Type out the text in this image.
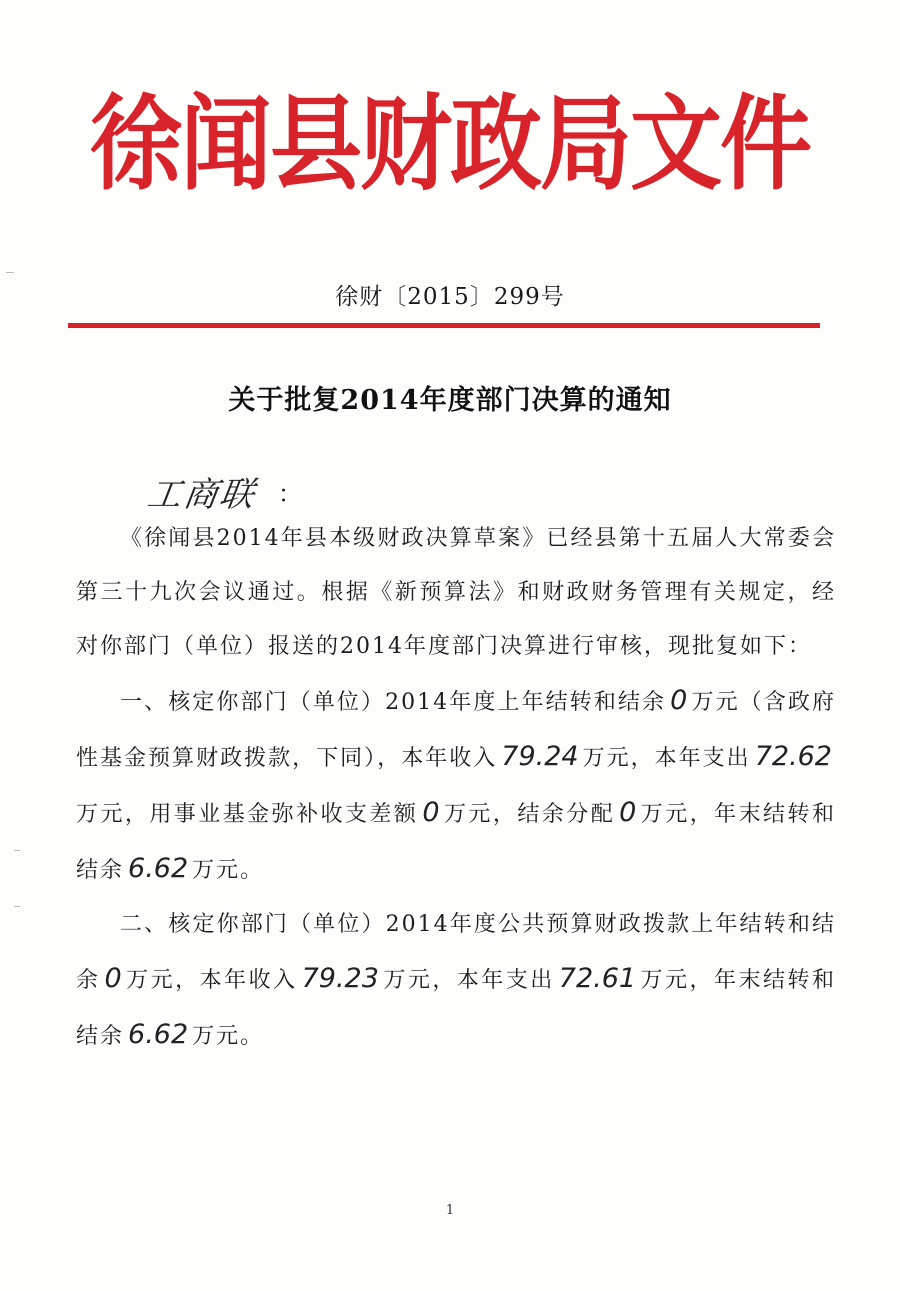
徐闻县财政局文件
徐财〔2015〕299号
关于批复2014年度部门决算的通知
工商联 ：

《徐闻县2014年县本级财政决算草案》已经县第十五届人大常委会第三十九次会议通过。根据《新预算法》和财政财务管理有关规定，经对你部门（单位）报送的2014年度部门决算进行审核，现批复如下：

一、核定你部门（单位）2014年度上年结转和结余 0 万元（含政府性基金预算财政拨款，下同），本年收入 79.24 万元，本年支出 72.62万元，用事业基金弥补收支差额 0 万元，结余分配 0 万元，年末结转和结余 6.62 万元。

二、核定你部门（单位）2014年度公共预算财政拨款上年结转和结余 0 万元，本年收入 79.23 万元，本年支出 72.61 万元，年末结转和结余 6.62 万元。

1
